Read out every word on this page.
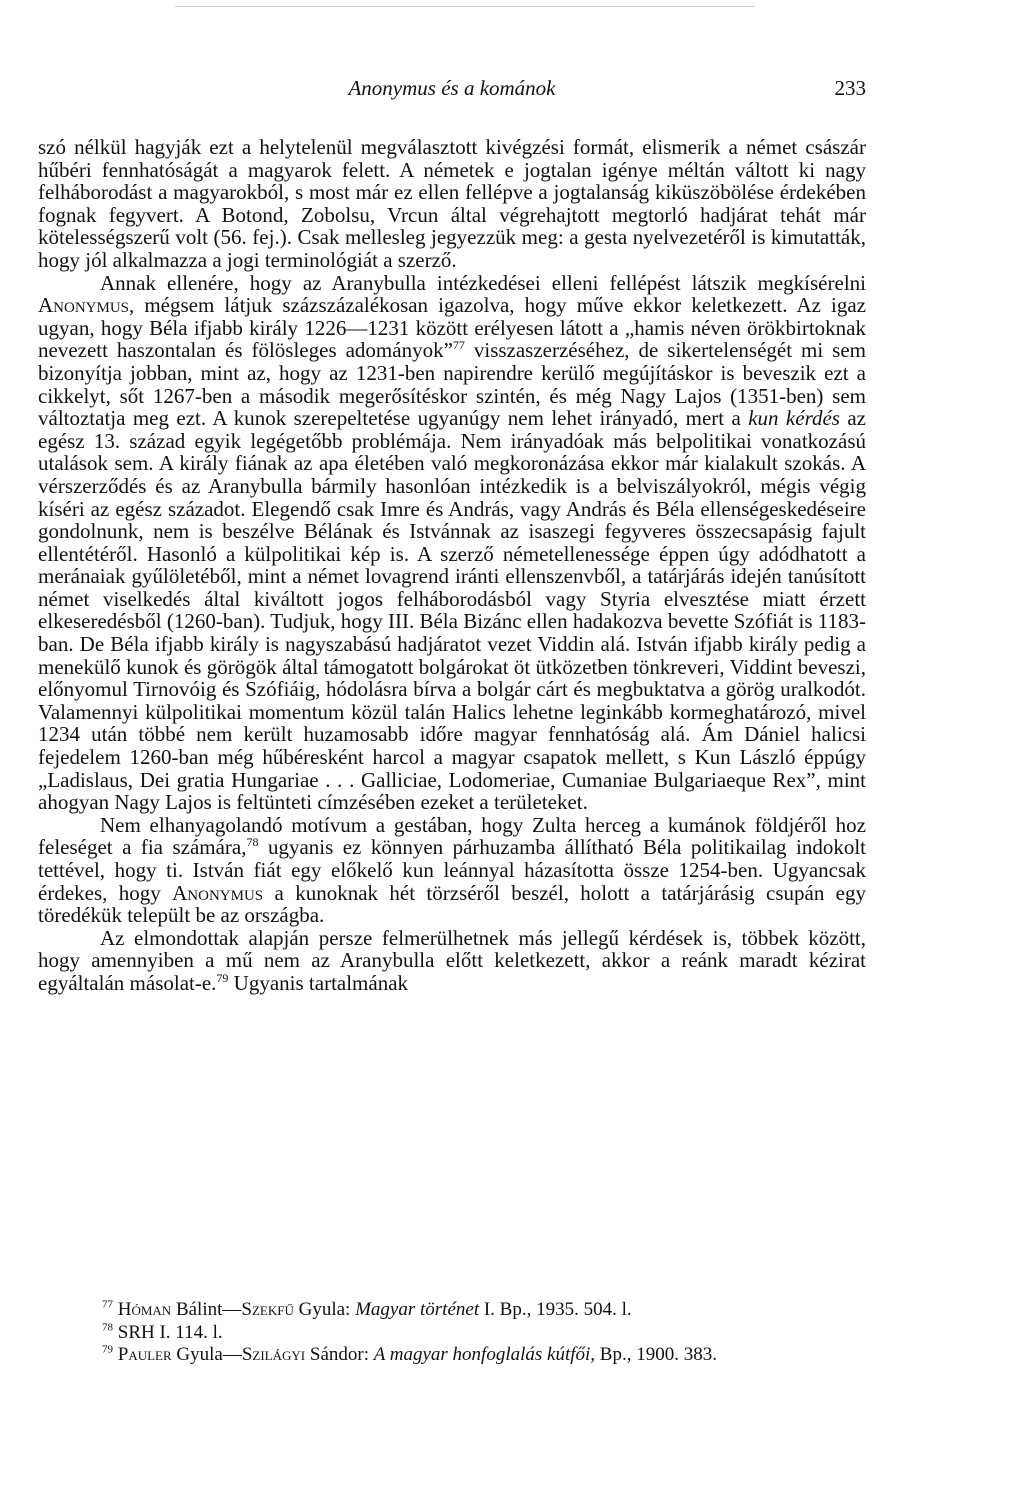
Anonymus és a kománok	233

szó nélkül hagyják ezt a helytelenül megválasztott kivégzési formát, elismerik a német császár hűbéri fennhatóságát a magyarok felett. A németek e jogtalan igénye méltán váltott ki nagy felháborodást a magyarokból, s most már ez ellen fellépve a jogtalanság kiküszöbölése érdekében fognak fegyvert. A Botond, Zobolsu, Vrcun által végrehajtott megtorló hadjárat tehát már kötelességszerű volt (56. fej.). Csak mellesleg jegyezzük meg: a gesta nyelvezetéről is kimutatták, hogy jól alkalmazza a jogi terminológiát a szerző.

Annak ellenére, hogy az Aranybulla intézkedései elleni fellépést látszik megkísérelni Anonymus, mégsem látjuk százszázalékosan igazolva, hogy műve ekkor keletkezett. Az igaz ugyan, hogy Béla ifjabb király 1226—1231 között erélyesen látott a „hamis néven örökbirtoknak nevezett haszontalan és fölösleges adományok”$^{77}$ visszaszerzéséhez, de sikertelenségét mi sem bizonyítja jobban, mint az, hogy az 1231-ben napirendre kerülő megújításkor is beveszik ezt a cikkelyt, sőt 1267-ben a második megerősítéskor szintén, és még Nagy Lajos (1351-ben) sem változtatja meg ezt. A kunok szerepeltetése ugyanúgy nem lehet irányadó, mert a kun kérdés az egész 13. század egyik legégetőbb problémája. Nem irányadóak más belpolitikai vonatkozású utalások sem. A király fiának az apa életében való megkoronázása ekkor már kialakult szokás. A vérszerződés és az Aranybulla bármily hasonlóan intézkedik is a belviszályokról, mégis végig kíséri az egész századot. Elegendő csak Imre és András, vagy András és Béla ellenségeskedéseire gondolnunk, nem is beszélve Bélának és Istvánnak az isaszegi fegyveres összecsapásig fajult ellentétéről. Hasonló a külpolitikai kép is. A szerző németellenessége éppen úgy adódhatott a meránaiak gyűlöletéből, mint a német lovagrend iránti ellenszenvből, a tatárjárás idején tanúsított német viselkedés által kiváltott jogos felháborodásból vagy Styria elvesztése miatt érzett elkeseredésből (1260-ban). Tudjuk, hogy III. Béla Bizánc ellen hadakozva bevette Szófiát is 1183-ban. De Béla ifjabb király is nagyszabású hadjáratot vezet Viddin alá. István ifjabb király pedig a menekülő kunok és görögök által támogatott bolgárokat öt ütközetben tönkreveri, Viddint beveszi, előnyomul Tirnovóig és Szófiáig, hódolásra bírva a bolgár cárt és megbuktatva a görög uralkodót. Valamennyi külpolitikai momentum közül talán Halics lehetne leginkább kormeghatározó, mivel 1234 után többé nem került huzamosabb időre magyar fennhatóság alá. Ám Dániel halicsi fejedelem 1260-ban még hűbéresként harcol a magyar csapatok mellett, s Kun László éppúgy „Ladislaus, Dei gratia Hungariae . . . Galliciae, Lodomeriae, Cumaniae Bulgariaeque Rex”, mint ahogyan Nagy Lajos is feltünteti címzésében ezeket a területeket.

Nem elhanyagolandó motívum a gestában, hogy Zulta herceg a kumánok földjéről hoz feleséget a fia számára,$^{78}$ ugyanis ez könnyen párhuzamba állítható Béla politikailag indokolt tettével, hogy ti. István fiát egy előkelő kun leánnyal házasította össze 1254-ben. Ugyancsak érdekes, hogy Anonymus a kunoknak hét törzséről beszél, holott a tatárjárásig csupán egy töredékük települt be az országba.

Az elmondottak alapján persze felmerülhetnek más jellegű kérdések is, többek között, hogy amennyiben a mű nem az Aranybulla előtt keletkezett, akkor a reánk maradt kézirat egyáltalán másolat-e.$^{79}$ Ugyanis tartalmának

$^{77}$ Hóman Bálint—Szekfű Gyula: Magyar történet I. Bp., 1935. 504. l.

$^{78}$ SRH I. 114. l.

$^{79}$ Pauler Gyula—Szilágyi Sándor: A magyar honfoglalás kútfői, Bp., 1900. 383.
